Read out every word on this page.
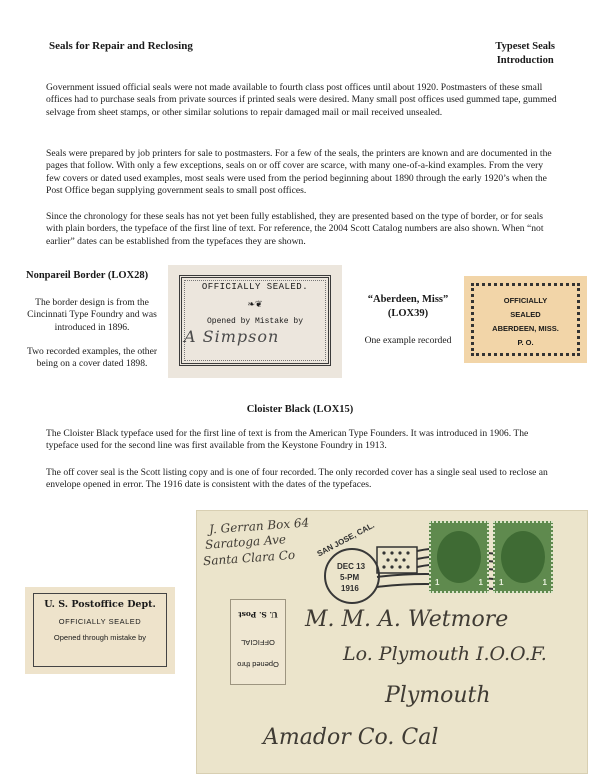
Seals for Repair and Reclosing	Typeset Seals
Introduction
Government issued official seals were not made available to fourth class post offices until about 1920. Postmasters of these small offices had to purchase seals from private sources if printed seals were desired. Many small post offices used gummed tape, gummed selvage from sheet stamps, or other similar solutions to repair damaged mail or mail received unsealed.
Seals were prepared by job printers for sale to postmasters. For a few of the seals, the printers are known and are documented in the pages that follow. With only a few exceptions, seals on or off cover are scarce, with many one-of-a-kind examples. From the very few covers or dated used examples, most seals were used from the period beginning about 1890 through the early 1920’s when the Post Office began supplying government seals to small post offices.
Since the chronology for these seals has not yet been fully established, they are presented based on the type of border, or for seals with plain borders, the typeface of the first line of text. For reference, the 2004 Scott Catalog numbers are also shown. When “not earlier” dates can be established from the typefaces they are shown.
Nonpareil Border (LOX28)
The border design is from the Cincinnati Type Foundry and was introduced in 1896.
Two recorded examples, the other being on a cover dated 1898.
OFFICIALLY SEALED.
❧❦
Opened by Mistake by
A Simpson
“Aberdeen, Miss”
(LOX39)
One example recorded
OFFICIALLY
SEALED
ABERDEEN, MISS.
P. O.
Cloister Black (LOX15)
The Cloister Black typeface used for the first line of text is from the American Type Founders. It was introduced in 1906. The typeface used for the second line was first available from the Keystone Foundry in 1913.
The off cover seal is the Scott listing copy and is one of four recorded. The only recorded cover has a single seal used to reclose an envelope opened in error. The 1916 date is consistent with the dates of the typefaces.
U. S. Postoffice Dept.
OFFICIALLY SEALED
Opened through mistake by
J. Gerran Box 64
Saratoga Ave
Santa Clara Co	SAN JOSE, CAL.
DEC 13
5-PM
1916
1	1 1	1
U. S. Post
OFFICIAL
Opened thro
M. M. A. Wetmore
Lo. Plymouth I.O.O.F.
Plymouth
Amador Co. Cal
